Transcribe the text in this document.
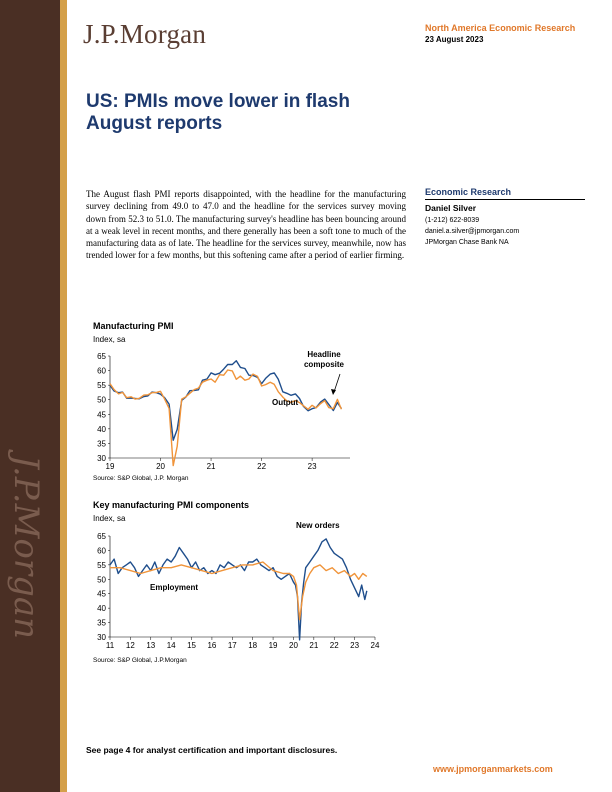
J.P.Morgan
J.P.Morgan	North America Economic Research
23 August 2023
US: PMIs move lower in flash August reports
The August flash PMI reports disappointed, with the headline for the manufacturing survey declining from 49.0 to 47.0 and the headline for the services survey moving down from 52.3 to 51.0. The manufacturing survey's headline has been bouncing around at a weak level in recent months, and there generally has been a soft tone to much of the manufacturing data as of late. The headline for the services survey, meanwhile, now has trended lower for a few months, but this softening came after a period of earlier firming.
Economic Research
Daniel Silver
(1-212) 622-8039
daniel.a.silver@jpmorgan.com
JPMorgan Chase Bank NA
Manufacturing PMI
Index, sa
Source: S&P Global, J.P. Morgan
Key manufacturing PMI components
Index, sa
Source: S&P Global, J.P.Morgan
65
60
55
50
45
40
35
30
19	20	21	22	23
Headline
composite
Output
65
60
55
50
45
40
35
30
11 12 13 14 15 16 17 18 19 20 21 22 23 24
New orders
Employment
See page 4 for analyst certification and important disclosures.
www.jpmorganmarkets.com
